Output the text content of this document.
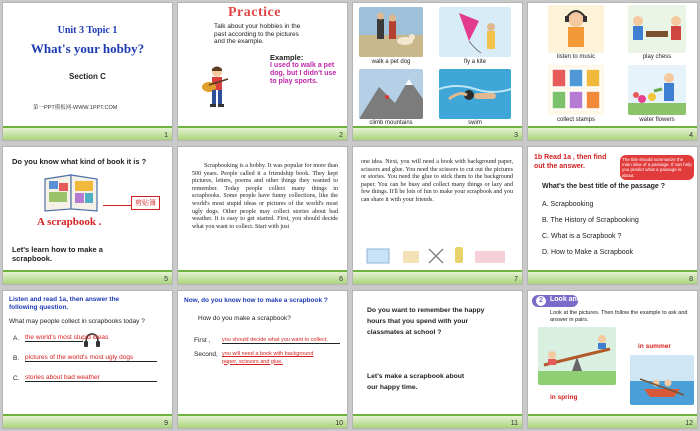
Unit 3 Topic 1
What's your hobby?
Section C
第一PPT模板网-WWW.1PPT.COM
1
Practice
Talk about your hobbies in the past according to the pictures and the example.
Example:
I used to walk a pet dog, but I didn't use to play sports.
2
walk a pet dog	fly a kite
climb mountains	swim
3
listen to music	play chess
collect stamps	water flowers
4
Do you know what kind of book it is ?
剪贴簿
A scrapbook .
Let's learn how to make a scrapbook.
5
Scrapbooking is a hobby. It was popular for more than 500 years. People called it a friendship book. They kept pictures, letters, poems and other things they wanted to remember. Today people collect many things in scrapbooks. Some people have funny collections, like the world's most stupid ideas or pictures of the world's most ugly dogs. Other people may collect stories about bad weather. It is easy to get started. First, you should decide what you want to collect. Start with just
6
one idea. Next, you will need a book with background paper, scissors and glue. You need the scissors to cut out the pictures or stories. You need the glue to stick them to the background paper. You can be busy and collect many things or lazy and few things. It'll be lots of fun to make your scrapbook and you can share it with your friends.
7
1b Read 1a , then find out the answer.
The title should summarize the main idea of a passage. If can help you predict what a passage is about.
What's the best title of the passage ?
A. Scrapbooking
B. The History of Scrapbooking
C. What is a Scrapbook ?
D. How to Make a Scrapbook
8
Listen and read 1a, then answer the following question.
What may people collect in scrapbooks today ?
A. the world's most stupid ideas
B. pictures of the world's most ugly dogs
C. stories about bad weather
9
Now, do you know how to make a scrapbook ?
How do you make a scrapbook?
First , you should decide what you want to collect.
Second, you will need a book with background paper, scissors and glue.
10
Do you want to remember the happy hours that you spend with your classmates at school ?
Let's make a scrapbook about our happy time.
11
2	Look and say
Look at the pictures. Then follow the example to ask and answer in pairs.
in spring
in summer
12
